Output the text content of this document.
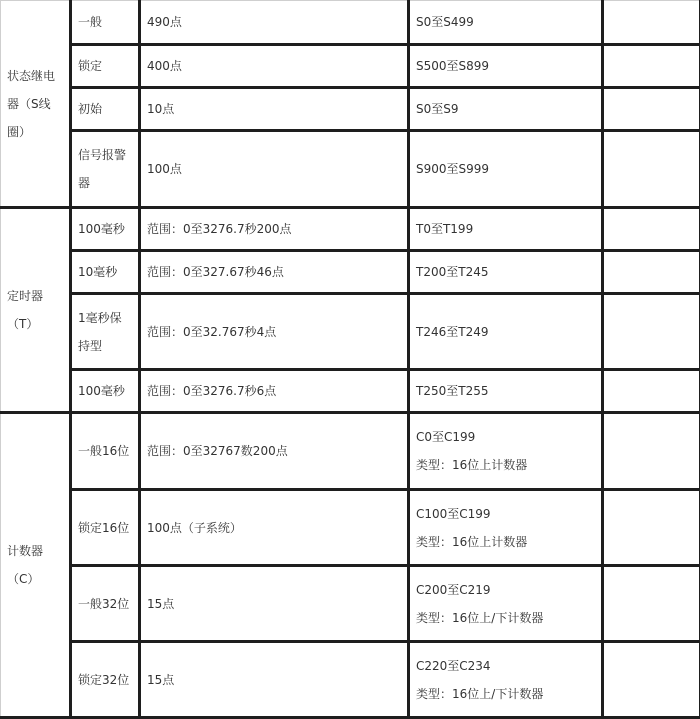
状态继电器（S线圈）	一般	490点	S0至S499	

	锁定	400点	S500至S899	

	初始	10点	S0至S9	

	信号报警器	100点	S900至S999	

定时器（T）	100毫秒	范围：0至3276.7秒200点	T0至T199	

	10毫秒	范围：0至327.67秒46点	T200至T245	

	1毫秒保持型	范围：0至32.767秒4点	T246至T249	

	100毫秒	范围：0至3276.7秒6点	T250至T255	

计数器（C）	一般16位	范围：0至32767数200点	C0至C199
类型：16位上计数器	

	锁定16位	100点（子系统）	C100至C199
类型：16位上计数器	

	一般32位	15点	C200至C219
类型：16位上/下计数器	

	锁定32位	15点	C220至C234
类型：16位上/下计数器	
